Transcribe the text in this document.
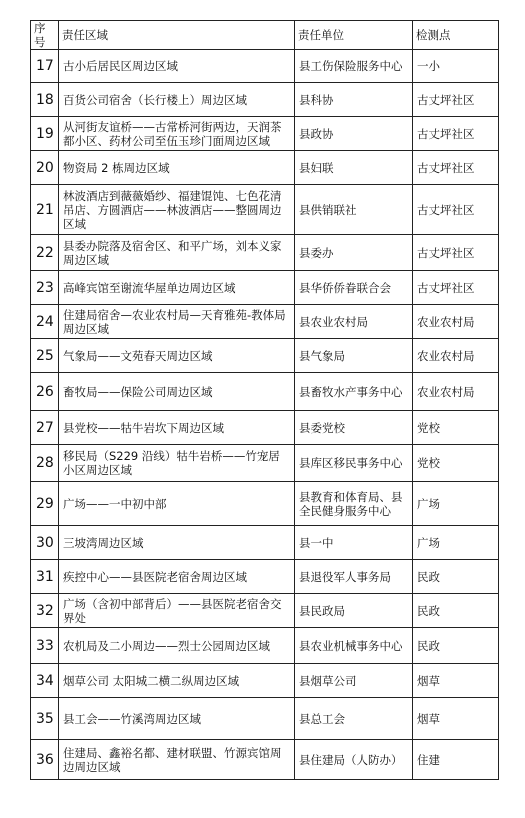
序号	责任区域	责任单位	检测点
17	古小后居民区周边区域	县工伤保险服务中心	一小
18	百货公司宿舍（长行楼上）周边区域	县科协	古丈坪社区
19	从河街友谊桥——古常桥河街两边，天润茶都小区、药材公司至伍玉珍门面周边区域	县政协	古丈坪社区
20	物资局 2 栋周边区域	县妇联	古丈坪社区
21	林波酒店到薇薇婚纱、福建馄饨、七色花清吊店、方圆酒店——林波酒店——整圆周边区域	县供销联社	古丈坪社区
22	县委办院落及宿舍区、和平广场，刘本义家周边区域	县委办	古丈坪社区
23	高峰宾馆至谢流华屋单边周边区域	县华侨侨眷联合会	古丈坪社区
24	住建局宿舍—农业农村局—天育雅苑-教体局周边区域	县农业农村局	农业农村局
25	气象局——文苑春天周边区域	县气象局	农业农村局
26	畜牧局——保险公司周边区域	县畜牧水产事务中心	农业农村局
27	县党校——牯牛岩坎下周边区域	县委党校	党校
28	移民局（S229 沿线）牯牛岩桥——竹宠居小区周边区域	县库区移民事务中心	党校
29	广场——一中初中部	县教育和体育局、县全民健身服务中心	广场
30	三坡湾周边区域	县一中	广场
31	疾控中心——县医院老宿舍周边区域	县退役军人事务局	民政
32	广场（含初中部背后）——县医院老宿舍交界处	县民政局	民政
33	农机局及二小周边——烈士公园周边区域	县农业机械事务中心	民政
34	烟草公司 太阳城二横二纵周边区域	县烟草公司	烟草
35	县工会——竹溪湾周边区域	县总工会	烟草
36	住建局、鑫裕名都、建材联盟、竹源宾馆周边周边区域	县住建局（人防办）	住建
